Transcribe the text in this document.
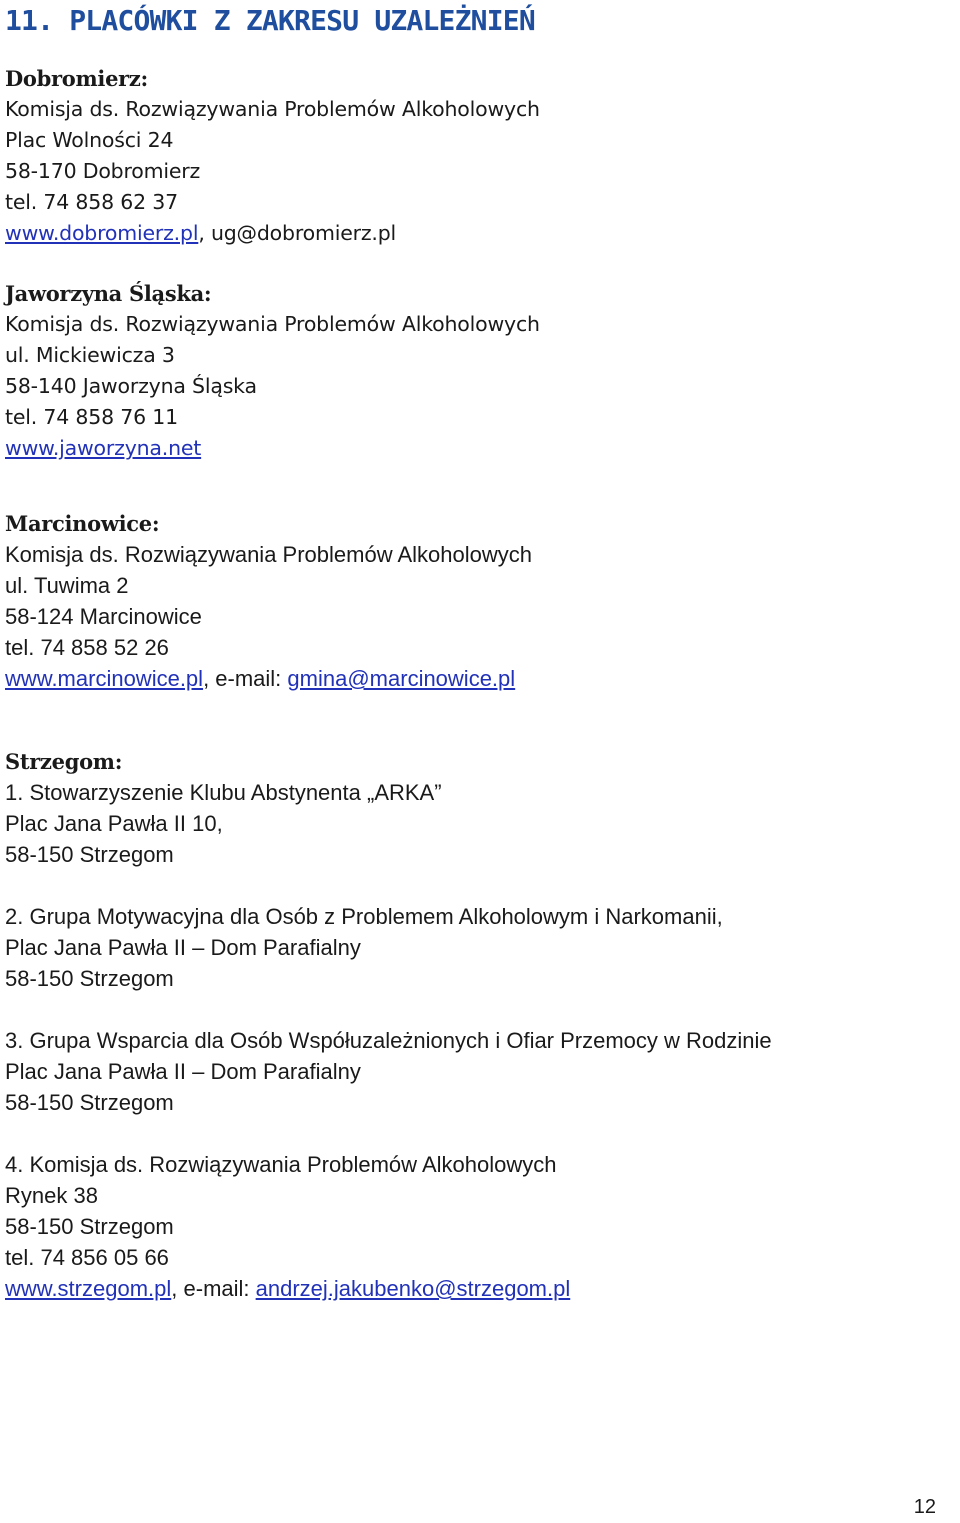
11. PLACÓWKI Z ZAKRESU UZALEŻNIEŃ
Dobromierz:
Komisja ds. Rozwiązywania Problemów Alkoholowych
Plac Wolności 24
58-170 Dobromierz
tel. 74 858 62 37
www.dobromierz.pl, ug@dobromierz.pl
Jaworzyna Śląska:
Komisja ds. Rozwiązywania Problemów Alkoholowych
ul. Mickiewicza 3
58-140 Jaworzyna Śląska
tel. 74 858 76 11
www.jaworzyna.net
Marcinowice:
Komisja ds. Rozwiązywania Problemów Alkoholowych
ul. Tuwima 2
58-124 Marcinowice
tel. 74 858 52 26
www.marcinowice.pl, e-mail: gmina@marcinowice.pl
Strzegom:
1. Stowarzyszenie Klubu Abstynenta „ARKA”
Plac Jana Pawła II 10,
58-150 Strzegom
2. Grupa Motywacyjna dla Osób z Problemem Alkoholowym i Narkomanii,
Plac Jana Pawła II – Dom Parafialny
58-150 Strzegom
3. Grupa Wsparcia dla Osób Współuzależnionych i Ofiar Przemocy w Rodzinie
Plac Jana Pawła II – Dom Parafialny
58-150 Strzegom
4. Komisja ds. Rozwiązywania Problemów Alkoholowych
Rynek 38
58-150 Strzegom
tel. 74 856 05 66
www.strzegom.pl, e-mail: andrzej.jakubenko@strzegom.pl
12
